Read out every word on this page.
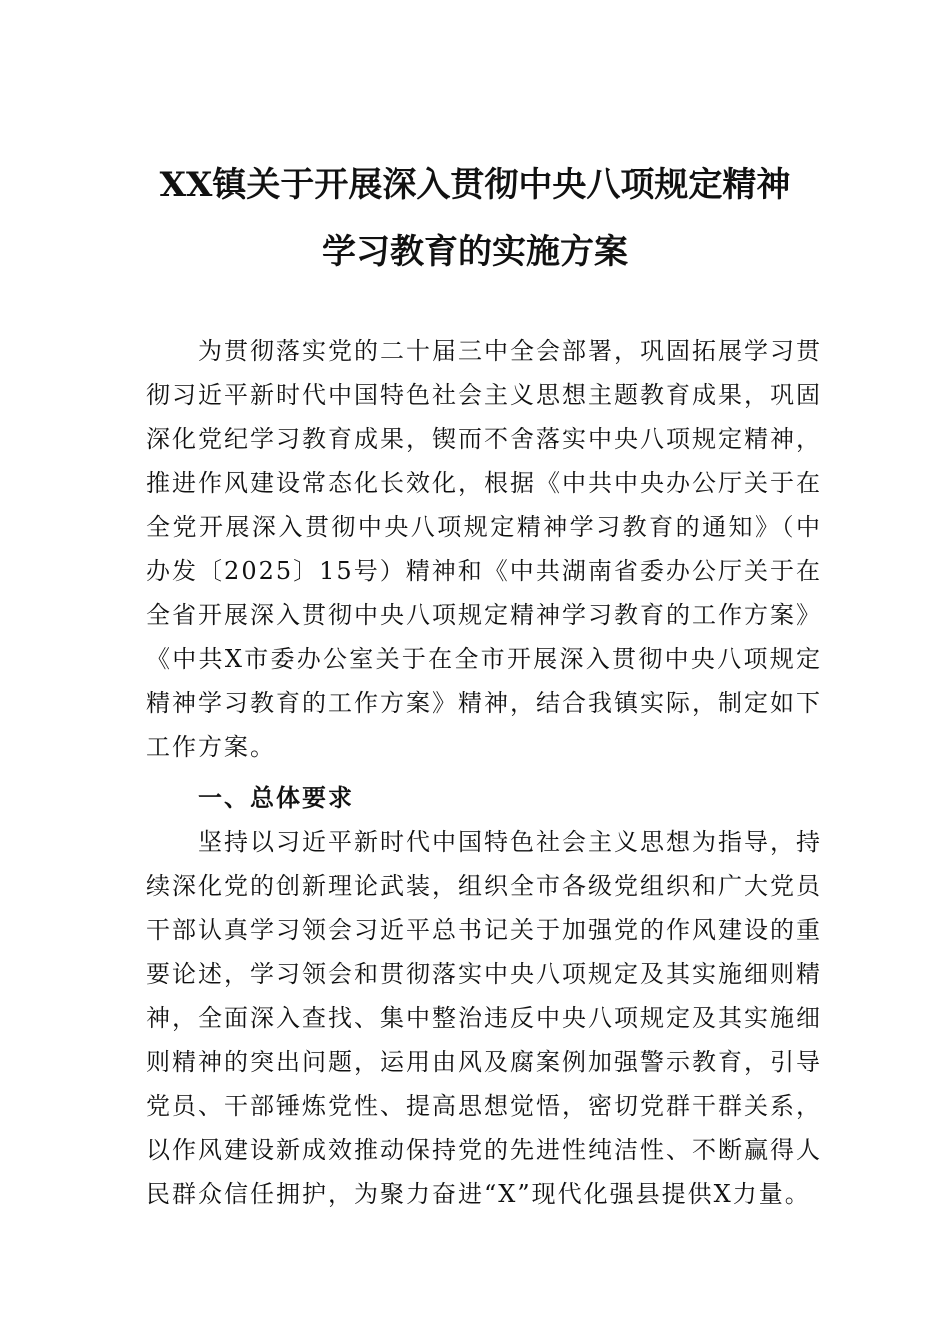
XX镇关于开展深入贯彻中央八项规定精神
学习教育的实施方案

为贯彻落实党的二十届三中全会部署，巩固拓展学习贯彻习近平新时代中国特色社会主义思想主题教育成果，巩固深化党纪学习教育成果，锲而不舍落实中央八项规定精神，推进作风建设常态化长效化，根据《中共中央办公厅关于在全党开展深入贯彻中央八项规定精神学习教育的通知》（中办发〔2025〕15号）精神和《中共湖南省委办公厅关于在全省开展深入贯彻中央八项规定精神学习教育的工作方案》《中共X市委办公室关于在全市开展深入贯彻中央八项规定精神学习教育的工作方案》精神，结合我镇实际，制定如下工作方案。

一、总体要求

坚持以习近平新时代中国特色社会主义思想为指导，持续深化党的创新理论武装，组织全市各级党组织和广大党员干部认真学习领会习近平总书记关于加强党的作风建设的重要论述，学习领会和贯彻落实中央八项规定及其实施细则精神，全面深入查找、集中整治违反中央八项规定及其实施细则精神的突出问题，运用由风及腐案例加强警示教育，引导党员、干部锤炼党性、提高思想觉悟，密切党群干群关系，以作风建设新成效推动保持党的先进性纯洁性、不断赢得人民群众信任拥护，为聚力奋进“X”现代化强县提供X力量。
